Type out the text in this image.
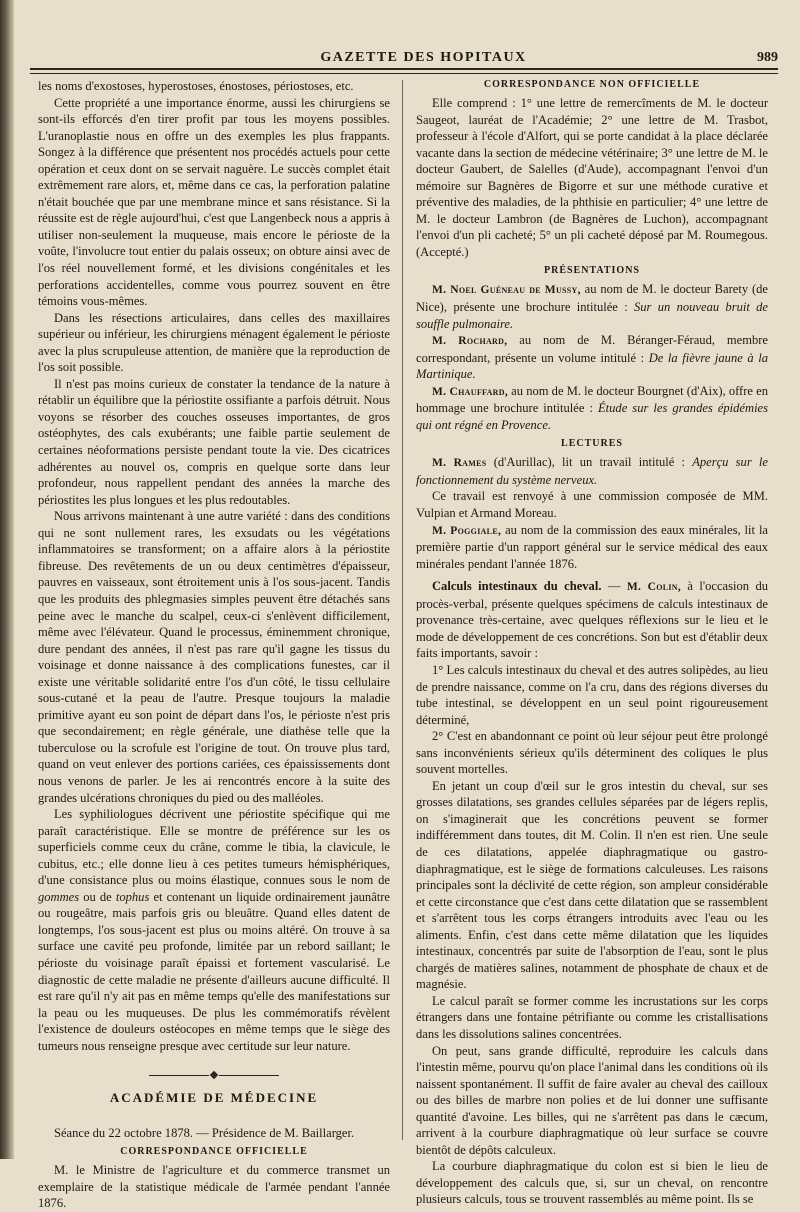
GAZETTE DES HOPITAUX	989

les noms d'exostoses, hyperostoses, énostoses, périostoses, etc.

Cette propriété a une importance énorme, aussi les chirurgiens se sont-ils efforcés d'en tirer profit par tous les moyens possibles. L'uranoplastie nous en offre un des exemples les plus frappants. Songez à la différence que présentent nos procédés actuels pour cette opération et ceux dont on se servait naguère. Le succès complet était extrêmement rare alors, et, même dans ce cas, la perforation palatine n'était bouchée que par une membrane mince et sans résistance. Si la réussite est de règle aujourd'hui, c'est que Langenbeck nous a appris à utiliser non-seulement la muqueuse, mais encore le périoste de la voûte, l'involucre tout entier du palais osseux; on obture ainsi avec de l'os réel nouvellement formé, et les divisions congénitales et les perforations accidentelles, comme vous pourrez souvent en être témoins vous-mêmes.

Dans les résections articulaires, dans celles des maxillaires supérieur ou inférieur, les chirurgiens ménagent également le périoste avec la plus scrupuleuse attention, de manière que la reproduction de l'os soit possible.

Il n'est pas moins curieux de constater la tendance de la nature à rétablir un équilibre que la périostite ossifiante a parfois détruit. Nous voyons se résorber des couches osseuses importantes, de gros ostéophytes, des cals exubérants; une faible partie seulement de certaines néoformations persiste pendant toute la vie. Des cicatrices adhérentes au nouvel os, compris en quelque sorte dans leur profondeur, nous rappellent pendant des années la marche des périostites les plus longues et les plus redoutables.

Nous arrivons maintenant à une autre variété : dans des conditions qui ne sont nullement rares, les exsudats ou les végétations inflammatoires se transforment; on a affaire alors à la périostite fibreuse. Des revêtements de un ou deux centimètres d'épaisseur, pauvres en vaisseaux, sont étroitement unis à l'os sous-jacent. Tandis que les produits des phlegmasies simples peuvent être détachés sans peine avec le manche du scalpel, ceux-ci s'enlèvent difficilement, même avec l'élévateur. Quand le processus, éminemment chronique, dure pendant des années, il n'est pas rare qu'il gagne les tissus du voisinage et donne naissance à des complications funestes, car il existe une véritable solidarité entre l'os d'un côté, le tissu cellulaire sous-cutané et la peau de l'autre. Presque toujours la maladie primitive ayant eu son point de départ dans l'os, le périoste n'est pris que secondairement; en règle générale, une diathèse telle que la tuberculose ou la scrofule est l'origine de tout. On trouve plus tard, quand on veut enlever des portions cariées, ces épaississements dont nous venons de parler. Je les ai rencontrés encore à la suite des grandes ulcérations chroniques du pied ou des malléoles.

Les syphiliologues décrivent une périostite spécifique qui me paraît caractéristique. Elle se montre de préférence sur les os superficiels comme ceux du crâne, comme le tibia, la clavicule, le cubitus, etc.; elle donne lieu à ces petites tumeurs hémisphériques, d'une consistance plus ou moins élastique, connues sous le nom de gommes ou de tophus et contenant un liquide ordinairement jaunâtre ou rougeâtre, mais parfois gris ou bleuâtre. Quand elles datent de longtemps, l'os sous-jacent est plus ou moins altéré. On trouve à sa surface une cavité peu profonde, limitée par un rebord saillant; le périoste du voisinage paraît épaissi et fortement vascularisé. Le diagnostic de cette maladie ne présente d'ailleurs aucune difficulté. Il est rare qu'il n'y ait pas en même temps qu'elle des manifestations sur la peau ou les muqueuses. De plus les commémoratifs révèlent l'existence de douleurs ostéocopes en même temps que le siège des tumeurs nous renseigne presque avec certitude sur leur nature.

ACADÉMIE DE MÉDECINE

Séance du 22 octobre 1878. — Présidence de M. Baillarger.

CORRESPONDANCE OFFICIELLE

M. le Ministre de l'agriculture et du commerce transmet un exemplaire de la statistique médicale de l'armée pendant l'année 1876.

CORRESPONDANCE NON OFFICIELLE

Elle comprend : 1° une lettre de remercîments de M. le docteur Saugeot, lauréat de l'Académie; 2° une lettre de M. Trasbot, professeur à l'école d'Alfort, qui se porte candidat à la place déclarée vacante dans la section de médecine vétérinaire; 3° une lettre de M. le docteur Gaubert, de Salelles (d'Aude), accompagnant l'envoi d'un mémoire sur Bagnères de Bigorre et sur une méthode curative et préventive des maladies, de la phthisie en particulier; 4° une lettre de M. le docteur Lambron (de Bagnères de Luchon), accompagnant l'envoi d'un pli cacheté; 5° un pli cacheté déposé par M. Roumegous. (Accepté.)

PRÉSENTATIONS

M. Noel Guéneau de Mussy, au nom de M. le docteur Barety (de Nice), présente une brochure intitulée : Sur un nouveau bruit de souffle pulmonaire.

M. Rochard, au nom de M. Béranger-Féraud, membre correspondant, présente un volume intitulé : De la fièvre jaune à la Martinique.

M. Chauffard, au nom de M. le docteur Bourgnet (d'Aix), offre en hommage une brochure intitulée : Étude sur les grandes épidémies qui ont régné en Provence.

LECTURES

M. Rames (d'Aurillac), lit un travail intitulé : Aperçu sur le fonctionnement du système nerveux.

Ce travail est renvoyé à une commission composée de MM. Vulpian et Armand Moreau.

M. Poggiale, au nom de la commission des eaux minérales, lit la première partie d'un rapport général sur le service médical des eaux minérales pendant l'année 1876.

Calculs intestinaux du cheval. — M. Colin, à l'occasion du procès-verbal, présente quelques spécimens de calculs intestinaux de provenance très-certaine, avec quelques réflexions sur le lieu et le mode de développement de ces concrétions. Son but est d'établir deux faits importants, savoir :

1° Les calculs intestinaux du cheval et des autres solipèdes, au lieu de prendre naissance, comme on l'a cru, dans des régions diverses du tube intestinal, se développent en un seul point rigoureusement déterminé,

2° C'est en abandonnant ce point où leur séjour peut être prolongé sans inconvénients sérieux qu'ils déterminent des coliques le plus souvent mortelles.

En jetant un coup d'œil sur le gros intestin du cheval, sur ses grosses dilatations, ses grandes cellules séparées par de légers replis, on s'imaginerait que les concrétions peuvent se former indifféremment dans toutes, dit M. Colin. Il n'en est rien. Une seule de ces dilatations, appelée diaphragmatique ou gastro-diaphragmatique, est le siège de formations calculeuses. Les raisons principales sont la déclivité de cette région, son ampleur considérable et cette circonstance que c'est dans cette dilatation que se rassemblent et s'arrêtent tous les corps étrangers introduits avec l'eau ou les aliments. Enfin, c'est dans cette même dilatation que les liquides intestinaux, concentrés par suite de l'absorption de l'eau, sont le plus chargés de matières salines, notamment de phosphate de chaux et de magnésie.

Le calcul paraît se former comme les incrustations sur les corps étrangers dans une fontaine pétrifiante ou comme les cristallisations dans les dissolutions salines concentrées.

On peut, sans grande difficulté, reproduire les calculs dans l'intestin même, pourvu qu'on place l'animal dans les conditions où ils naissent spontanément. Il suffit de faire avaler au cheval des cailloux ou des billes de marbre non polies et de lui donner une suffisante quantité d'avoine. Les billes, qui ne s'arrêtent pas dans le cæcum, arrivent à la courbure diaphragmatique où leur surface se couvre bientôt de dépôts calculeux.

La courbure diaphragmatique du colon est si bien le lieu de développement des calculs que, si, sur un cheval, on rencontre plusieurs calculs, tous se trouvent rassemblés au même point. Ils se
